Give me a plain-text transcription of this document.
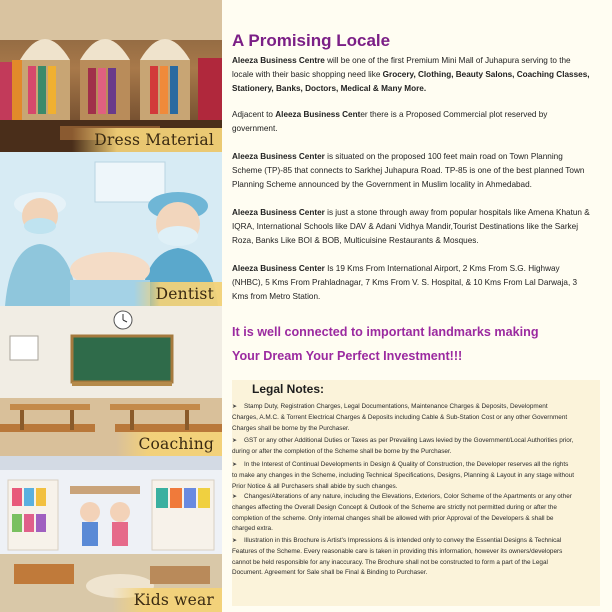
Dress Material
Dentist
Coaching
Kids wear
A Promising Locale

Aleeza Business Centre will be one of the first Premium Mini Mall of Juhapura serving to the locale with their basic shopping need like Grocery, Clothing, Beauty Salons, Coaching Classes, Stationery, Banks, Doctors, Medical & Many More.

Adjacent to Aleeza Business Center there is a Proposed Commercial plot reserved by government.

Aleeza Business Center is situated on the proposed 100 feet main road on Town Planning Scheme (TP)-85 that connects to Sarkhej Juhapura Road. TP-85 is one of the best planned Town Planning Scheme announced by the Government in Muslim locality in Ahmedabad.

Aleeza Business Center is just a stone through away from popular hospitals like Amena Khatun & IQRA, International Schools like DAV & Adani Vidhya Mandir,Tourist Destinations like the Sarkej Roza, Banks Like BOI & BOB, Multicuisine Restaurants & Mosques.

Aleeza Business Center Is 19 Kms From International Airport, 2 Kms From S.G. Highway (NHBC), 5 Kms From Prahladnagar, 7 Kms From V. S. Hospital, & 10 Kms From Lal Darwaja, 3 Kms from Metro Station.

It is well connected to important landmarks making

Your Dream Your Perfect Investment!!!

Legal Notes:
➤ Stamp Duty, Registration Charges, Legal Documentations, Maintenance Charges & Deposits, Development Charges, A.M.C. & Torrent Electrical Charges & Deposits including Cable & Sub-Station Cost or any other Government Charges shall be borne by the Purchaser.
➤ GST or any other Additional Duties or Taxes as per Prevailing Laws levied by the Government/Local Authorities prior, during or after the completion of the Scheme shall be borne by the Purchaser.
➤ In the Interest of Continual Developments in Design & Quality of Construction, the Developer reserves all the rights to make any changes in the Scheme, including Technical Specifications, Designs, Planning & Layout in any stage without Prior Notice & all Purchasers shall abide by such changes.
➤ Changes/Alterations of any nature, including the Elevations, Exteriors, Color Scheme of the Apartments or any other changes affecting the Overall Design Concept & Outlook of the Scheme are strictly not permitted during or after the completion of the scheme. Only internal changes shall be allowed with prior Approval of the Developers & shall be charged extra.
➤ Illustration in this Brochure is Artist's Impressions & is intended only to convey the Essential Designs & Technical Features of the Scheme. Every reasonable care is taken in providing this information, however its owners/developers cannot be held responsible for any inaccuracy. The Brochure shall not be constructed to form a part of the Legal Document. Agreement for Sale shall be Final & Binding to Purchaser.
